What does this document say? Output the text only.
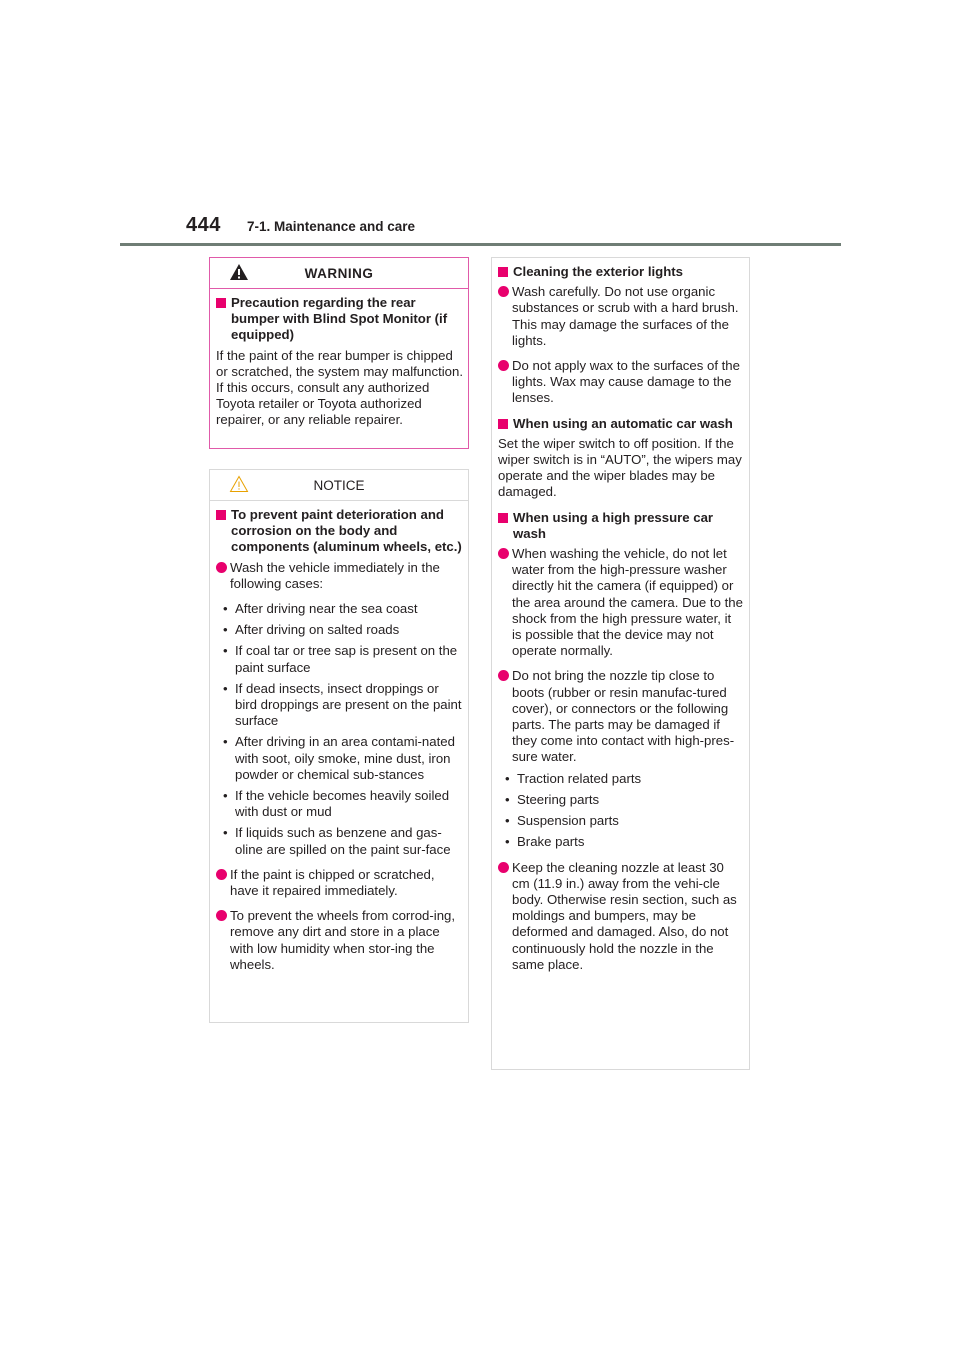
444 7-1. Maintenance and care
WARNING
Precaution regarding the rear bumper with Blind Spot Monitor (if equipped)
If the paint of the rear bumper is chipped or scratched, the system may malfunction. If this occurs, consult any authorized Toyota retailer or Toyota authorized repairer, or any reliable repairer.
NOTICE
To prevent paint deterioration and corrosion on the body and components (aluminum wheels, etc.)
Wash the vehicle immediately in the following cases:
• After driving near the sea coast
• After driving on salted roads
• If coal tar or tree sap is present on the paint surface
• If dead insects, insect droppings or bird droppings are present on the paint surface
• After driving in an area contami-nated with soot, oily smoke, mine dust, iron powder or chemical sub-stances
• If the vehicle becomes heavily soiled with dust or mud
• If liquids such as benzene and gas-oline are spilled on the paint sur-face
If the paint is chipped or scratched, have it repaired immediately.
To prevent the wheels from corrod-ing, remove any dirt and store in a place with low humidity when stor-ing the wheels.
Cleaning the exterior lights
Wash carefully. Do not use organic substances or scrub with a hard brush. This may damage the surfaces of the lights.
Do not apply wax to the surfaces of the lights. Wax may cause damage to the lenses.
When using an automatic car wash
Set the wiper switch to off position. If the wiper switch is in “AUTO”, the wipers may operate and the wiper blades may be damaged.
When using a high pressure car wash
When washing the vehicle, do not let water from the high-pressure washer directly hit the camera (if equipped) or the area around the camera. Due to the shock from the high pressure water, it is possible that the device may not operate normally.
Do not bring the nozzle tip close to boots (rubber or resin manufac-tured cover), or connectors or the following parts. The parts may be damaged if they come into contact with high-pres-sure water.
• Traction related parts
• Steering parts
• Suspension parts
• Brake parts
Keep the cleaning nozzle at least 30 cm (11.9 in.) away from the vehi-cle body. Otherwise resin section, such as moldings and bumpers, may be deformed and damaged. Also, do not continuously hold the nozzle in the same place.
